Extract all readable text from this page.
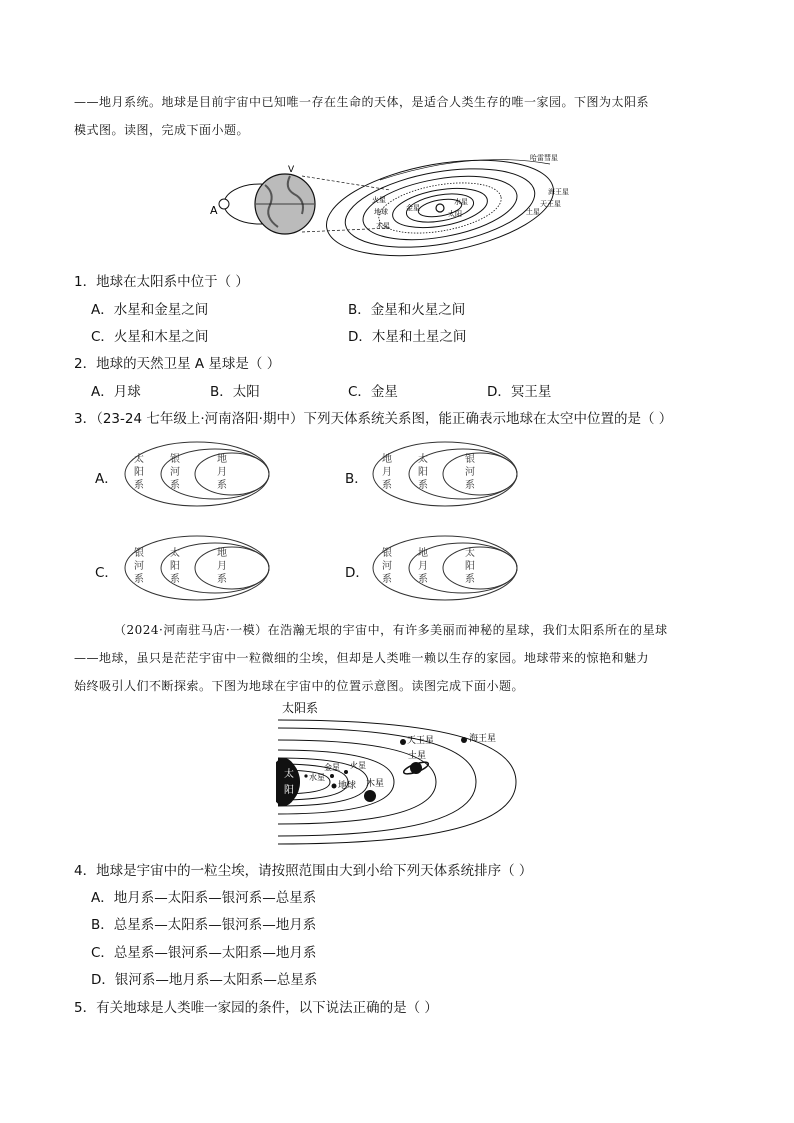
——地月系统。地球是目前宇宙中已知唯一存在生命的天体，是适合人类生存的唯一家园。下图为太阳系
模式图。读图，完成下面小题。
A
V
哈雷彗星
海王星
天王星
土星
火星
地球
木星
金星
水星
太阳
1．地球在太阳系中位于（ ）
A．水星和金星之间	B．金星和火星之间
C．火星和木星之间	D．木星和土星之间
2．地球的天然卫星 A 星球是（ ）
A．月球	B．太阳	C．金星	D．冥王星
3．（23-24 七年级上·河南洛阳·期中）下列天体系统关系图，能正确表示地球在太空中位置的是（ ）
A．
太阳系
银河系
地月系	B．
地月系
太阳系
银河系
C．
银河系
太阳系
地月系	D．
银河系
地月系
太阳系
（2024·河南驻马店·一模）在浩瀚无垠的宇宙中，有许多美丽而神秘的星球，我们太阳系所在的星球
——地球，虽只是茫茫宇宙中一粒微细的尘埃，但却是人类唯一赖以生存的家园。地球带来的惊艳和魅力
始终吸引人们不断探索。下图为地球在宇宙中的位置示意图。读图完成下面小题。
太阳系
太
阳
水星
金星 火星
地球 木星
土星
天王星	海王星
4．地球是宇宙中的一粒尘埃，请按照范围由大到小给下列天体系统排序（ ）
A．地月系—太阳系—银河系—总星系
B．总星系—太阳系—银河系—地月系
C．总星系—银河系—太阳系—地月系
D．银河系—地月系—太阳系—总星系
5．有关地球是人类唯一家园的条件，以下说法正确的是（ ）
